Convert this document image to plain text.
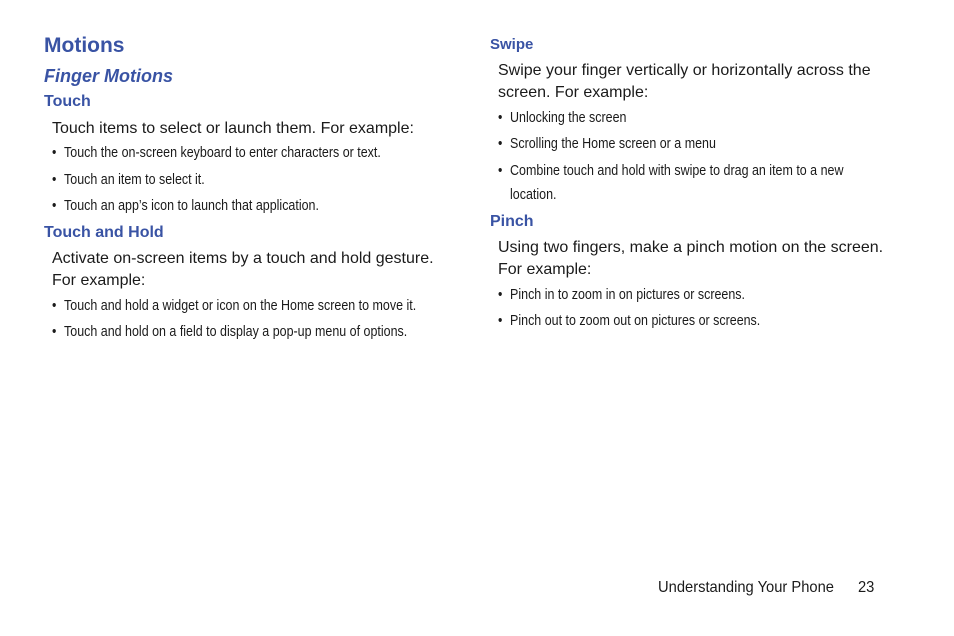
Motions
Finger Motions
Touch

Touch items to select or launch them. For example:

• Touch the on-screen keyboard to enter characters or text.
• Touch an item to select it.
• Touch an app’s icon to launch that application.
Touch and Hold

Activate on-screen items by a touch and hold gesture. For example:

• Touch and hold a widget or icon on the Home screen to move it.
• Touch and hold on a field to display a pop-up menu of options.
Swipe

Swipe your finger vertically or horizontally across the screen. For example:

• Unlocking the screen
• Scrolling the Home screen or a menu
• Combine touch and hold with swipe to drag an item to a new location.
Pinch

Using two fingers, make a pinch motion on the screen. For example:

• Pinch in to zoom in on pictures or screens.
• Pinch out to zoom out on pictures or screens.
Understanding Your Phone 23
